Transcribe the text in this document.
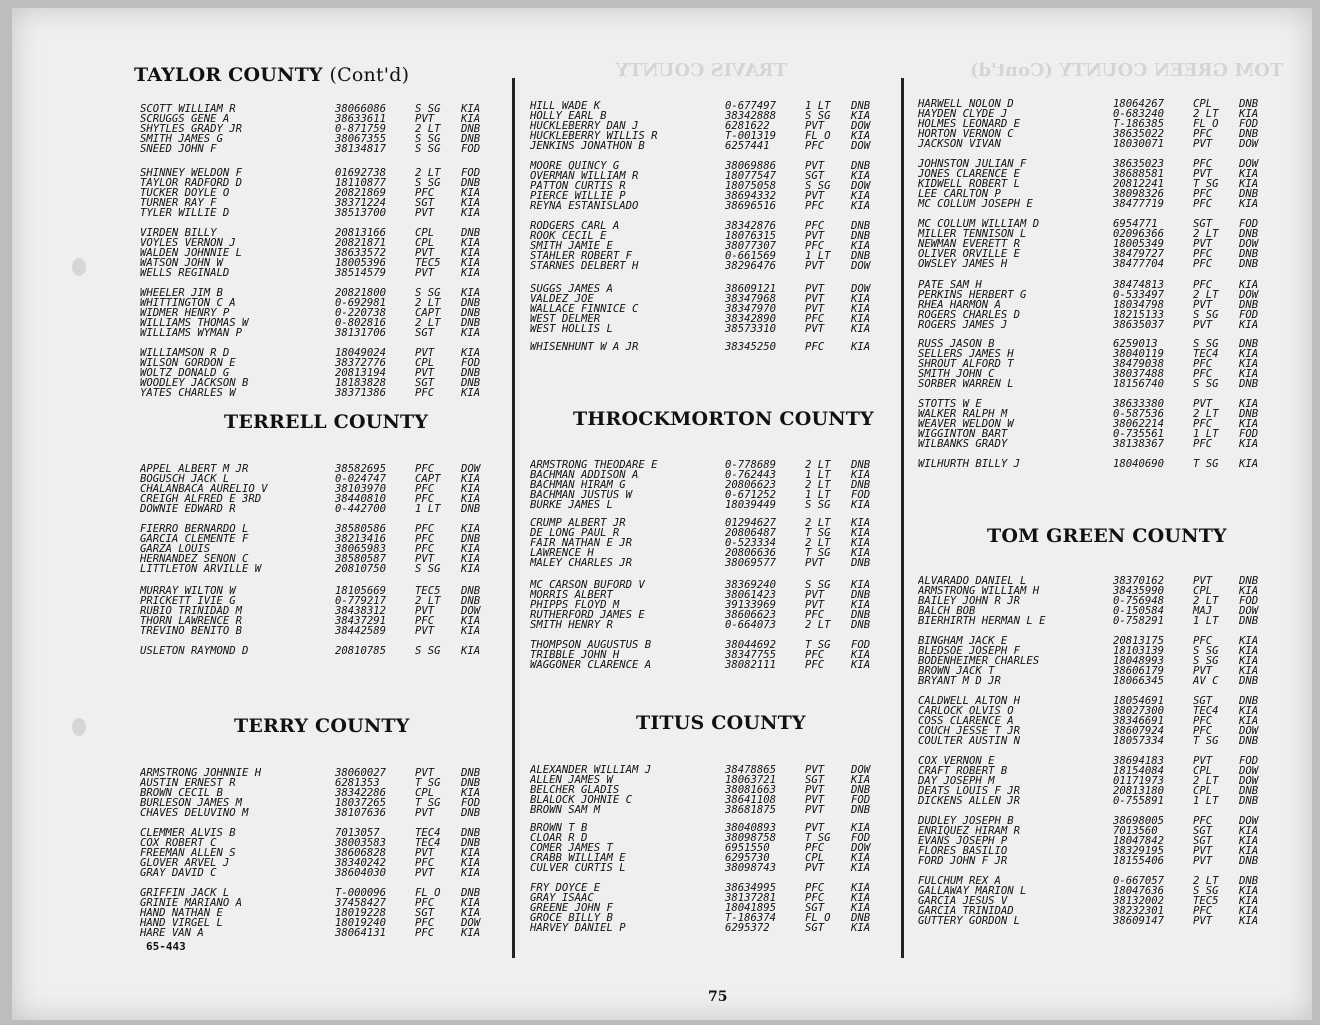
TOM GREEN COUNTY (Cont'd)
TRAVIS COUNTY
TAYLOR COUNTY (Cont'd)
TERRELL COUNTY
TERRY COUNTY
THROCKMORTON COUNTY
TITUS COUNTY
TOM GREEN COUNTY
SCOTT WILLIAM R	38066086	S SG	KIA
SCRUGGS GENE A	38633611	PVT	KIA
SHYTLES GRADY JR	0-871759	2 LT	DNB
SMITH JAMES G	38067355	S SG	DNB
SNEED JOHN F	38134817	S SG	FOD
SHINNEY WELDON F	01692738	2 LT	FOD
TAYLOR RADFORD D	18110877	S SG	DNB
TUCKER DOYLE O	20821869	PFC	KIA
TURNER RAY F	38371224	SGT	KIA
TYLER WILLIE D	38513700	PVT	KIA
VIRDEN BILLY	20813166	CPL	DNB
VOYLES VERNON J	20821871	CPL	KIA
WALDEN JOHNNIE L	38633572	PVT	KIA
WATSON JOHN W	18005396	TEC5	KIA
WELLS REGINALD	38514579	PVT	KIA
WHEELER JIM B	20821800	S SG	KIA
WHITTINGTON C A	0-692981	2 LT	DNB
WIDMER HENRY P	0-220738	CAPT	DNB
WILLIAMS THOMAS W	0-802816	2 LT	DNB
WILLIAMS WYMAN P	38131706	SGT	KIA
WILLIAMSON R D	18049024	PVT	KIA
WILSON GORDON E	38372776	CPL	FOD
WOLTZ DONALD G	20813194	PVT	DNB
WOODLEY JACKSON B	18183828	SGT	DNB
YATES CHARLES W	38371386	PFC	KIA
APPEL ALBERT M JR	38582695	PFC	DOW
BOGUSCH JACK L	0-024747	CAPT	KIA
CHALANBACA AURELIO V	38103970	PFC	KIA
CREIGH ALFRED E 3RD	38440810	PFC	KIA
DOWNIE EDWARD R	0-442700	1 LT	DNB
FIERRO BERNARDO L	38580586	PFC	KIA
GARCIA CLEMENTE F	38213416	PFC	DNB
GARZA LOUIS	38065983	PFC	KIA
HERNANDEZ SENON C	38580587	PVT	KIA
LITTLETON ARVILLE W	20810750	S SG	KIA
MURRAY WILTON W	18105669	TEC5	DNB
PRICKETT IVIE G	0-779217	2 LT	DNB
RUBIO TRINIDAD M	38438312	PVT	DOW
THORN LAWRENCE R	38437291	PFC	KIA
TREVINO BENITO B	38442589	PVT	KIA
USLETON RAYMOND D	20810785	S SG	KIA
ARMSTRONG JOHNNIE H	38060027	PVT	DNB
AUSTIN ERNEST R	6281353	T SG	DNB
BROWN CECIL B	38342286	CPL	KIA
BURLESON JAMES M	18037265	T SG	FOD
CHAVES DELUVINO M	38107636	PVT	DNB
CLEMMER ALVIS B	7013057	TEC4	DNB
COX ROBERT C	38003583	TEC4	DNB
FREEMAN ALLEN S	38606828	PVT	KIA
GLOVER ARVEL J	38340242	PFC	KIA
GRAY DAVID C	38604030	PVT	KIA
GRIFFIN JACK L	T-000096	FL O	DNB
GRINIE MARIANO A	37458427	PFC	KIA
HAND NATHAN E	18019228	SGT	KIA
HAND VIRGEL L	18019240	PFC	DOW
HARE VAN A	38064131	PFC	KIA
HILL WADE K	0-677497	1 LT	DNB
HOLLY EARL B	38342888	S SG	KIA
HUCKLEBERRY DAN J	6281622	PVT	DOW
HUCKLEBERRY WILLIS R	T-001319	FL O	KIA
JENKINS JONATHON B	6257441	PFC	DOW
MOORE QUINCY G	38069886	PVT	DNB
OVERMAN WILLIAM R	18077547	SGT	KIA
PATTON CURTIS R	18075058	S SG	DOW
PIERCE WILLIE P	38694332	PVT	KIA
REYNA ESTANISLADO	38696516	PFC	KIA
RODGERS CARL A	38342876	PFC	DNB
ROOK CECIL E	18076315	PVT	DNB
SMITH JAMIE E	38077307	PFC	KIA
STAHLER ROBERT F	0-661569	1 LT	DNB
STARNES DELBERT H	38296476	PVT	DOW
SUGGS JAMES A	38609121	PVT	DOW
VALDEZ JOE	38347968	PVT	KIA
WALLACE FINNICE C	38347970	PVT	KIA
WEST DELMER	38342890	PFC	KIA
WEST HOLLIS L	38573310	PVT	KIA
WHISENHUNT W A JR	38345250	PFC	KIA
ARMSTRONG THEODARE E	0-778689	2 LT	DNB
BACHMAN ADDISON A	0-762443	1 LT	KIA
BACHMAN HIRAM G	20806623	2 LT	DNB
BACHMAN JUSTUS W	0-671252	1 LT	FOD
BURKE JAMES L	18039449	S SG	KIA
CRUMP ALBERT JR	01294627	2 LT	KIA
DE LONG PAUL R	20806487	T SG	KIA
FAIR NATHAN E JR	0-523334	2 LT	KIA
LAWRENCE H	20806636	T SG	KIA
MALEY CHARLES JR	38069577	PVT	DNB
MC CARSON BUFORD V	38369240	S SG	KIA
MORRIS ALBERT	38061423	PVT	DNB
PHIPPS FLOYD M	39133969	PVT	KIA
RUTHERFORD JAMES E	38606623	PFC	DNB
SMITH HENRY R	0-664073	2 LT	DNB
THOMPSON AUGUSTUS B	38044692	T SG	FOD
TRIBBLE JOHN H	38347755	PFC	KIA
WAGGONER CLARENCE A	38082111	PFC	KIA
ALEXANDER WILLIAM J	38478865	PVT	DOW
ALLEN JAMES W	18063721	SGT	KIA
BELCHER GLADIS	38081663	PVT	DNB
BLALOCK JOHNIE C	38641108	PVT	FOD
BROWN SAM M	38681875	PVT	DNB
BROWN T B	38040893	PVT	KIA
CLOAR R D	38098758	T SG	FOD
COMER JAMES T	6951550	PFC	DOW
CRABB WILLIAM E	6295730	CPL	KIA
CULVER CURTIS L	38098743	PVT	KIA
FRY DOYCE E	38634995	PFC	KIA
GRAY ISAAC	38137281	PFC	KIA
GREENE JOHN F	18041895	SGT	KIA
GROCE BILLY B	T-186374	FL O	DNB
HARVEY DANIEL P	6295372	SGT	KIA
HARWELL NOLON D	18064267	CPL	DNB
HAYDEN CLYDE J	0-683240	2 LT	KIA
HOLMES LEONARD E	T-186385	FL O	FOD
HORTON VERNON C	38635022	PFC	DNB
JACKSON VIVAN	18030071	PVT	DOW
JOHNSTON JULIAN F	38635023	PFC	DOW
JONES CLARENCE E	38688581	PVT	KIA
KIDWELL ROBERT L	20812241	T SG	KIA
LEE CARLTON P	38098326	PFC	DNB
MC COLLUM JOSEPH E	38477719	PFC	KIA
MC COLLUM WILLIAM D	6954771	SGT	FOD
MILLER TENNISON L	02096366	2 LT	DNB
NEWMAN EVERETT R	18005349	PVT	DOW
OLIVER ORVILLE E	38479727	PFC	DNB
OWSLEY JAMES H	38477704	PFC	DNB
PATE SAM H	38474813	PFC	KIA
PERKINS HERBERT G	0-533497	2 LT	DOW
RHEA HARMON A	18034798	PVT	DNB
ROGERS CHARLES D	18215133	S SG	FOD
ROGERS JAMES J	38635037	PVT	KIA
RUSS JASON B	6259013	S SG	DNB
SELLERS JAMES H	38040119	TEC4	KIA
SHROUT ALFORD T	38479038	PFC	KIA
SMITH JOHN C	38037488	PFC	KIA
SORBER WARREN L	18156740	S SG	DNB
STOTTS W E	38633380	PVT	KIA
WALKER RALPH M	0-587536	2 LT	DNB
WEAVER WELDON W	38062214	PFC	KIA
WIGGINTON BART	0-735561	1 LT	FOD
WILBANKS GRADY	38138367	PFC	KIA
WILHURTH BILLY J	18040690	T SG	KIA
ALVARADO DANIEL L	38370162	PVT	DNB
ARMSTRONG WILLIAM H	38435990	CPL	KIA
BAILEY JOHN R JR	0-756948	2 LT	FOD
BALCH BOB	0-150584	MAJ	DOW
BIERHIRTH HERMAN L E	0-758291	1 LT	DNB
BINGHAM JACK E	20813175	PFC	KIA
BLEDSOE JOSEPH F	18103139	S SG	KIA
BODENHEIMER CHARLES	18048993	S SG	KIA
BROWN JACK T	38606179	PVT	KIA
BRYANT M D JR	18066345	AV C	DNB
CALDWELL ALTON H	18054691	SGT	DNB
CARLOCK OLVIS O	38027300	TEC4	KIA
COSS CLARENCE A	38346691	PFC	KIA
COUCH JESSE T JR	38607924	PFC	DOW
COULTER AUSTIN N	18057334	T SG	DNB
COX VERNON E	38694183	PVT	FOD
CRAFT ROBERT B	18154084	CPL	DOW
DAY JOSEPH M	01171973	2 LT	DOW
DEATS LOUIS F JR	20813180	CPL	DNB
DICKENS ALLEN JR	0-755891	1 LT	DNB
DUDLEY JOSEPH B	38698005	PFC	DOW
ENRIQUEZ HIRAM R	7013560	SGT	KIA
EVANS JOSEPH P	18047842	SGT	KIA
FLORES BASILIO	38329195	PVT	KIA
FORD JOHN F JR	18155406	PVT	DNB
FULCHUM REX A	0-667057	2 LT	DNB
GALLAWAY MARION L	18047636	S SG	KIA
GARCIA JESUS V	38132002	TEC5	KIA
GARCIA TRINIDAD	38232301	PFC	KIA
GUTTERY GORDON L	38609147	PVT	KIA
65-443
75
